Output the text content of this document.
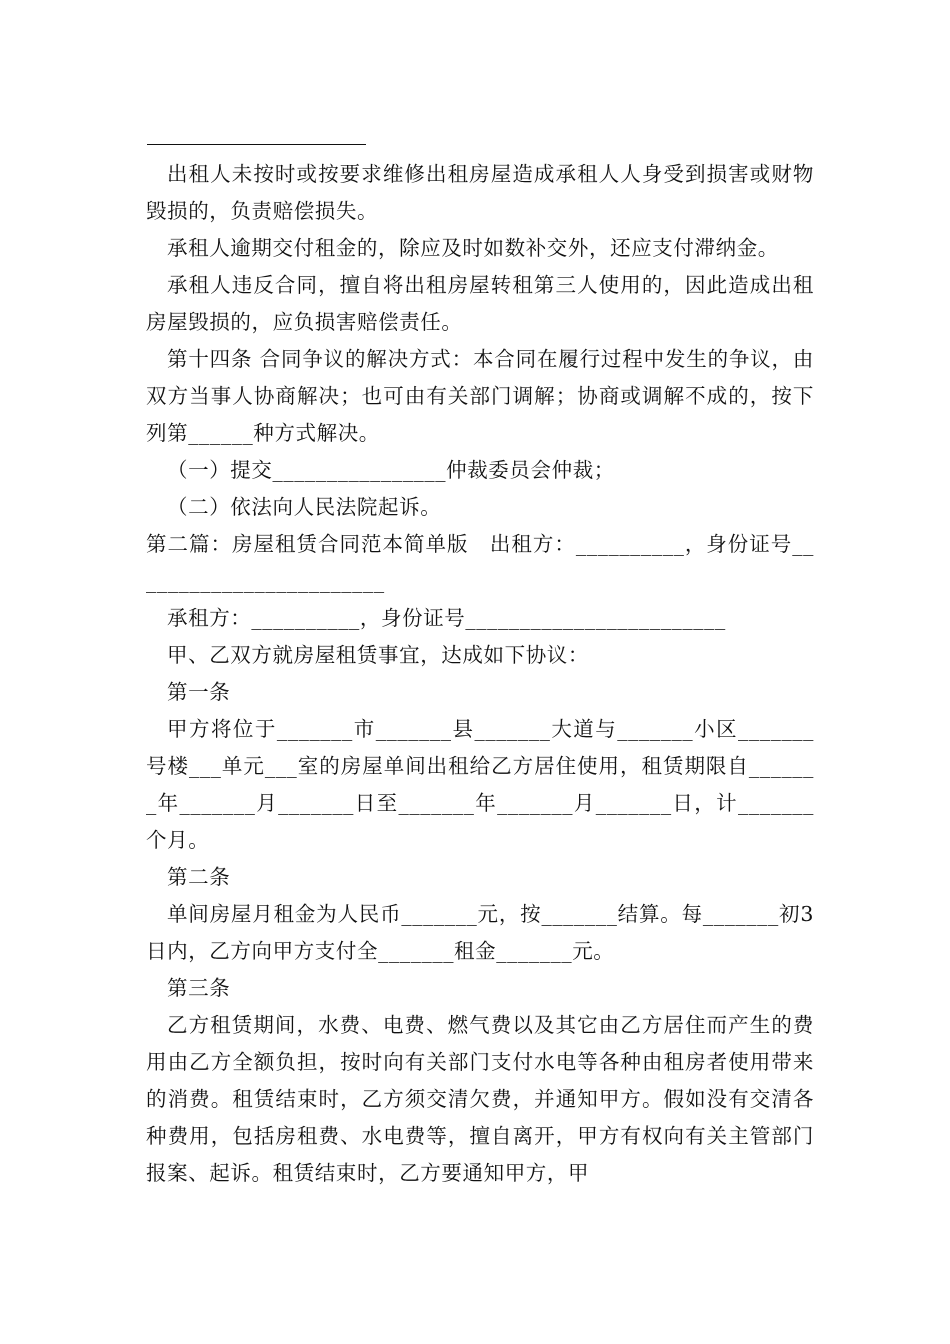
出租人未按时或按要求维修出租房屋造成承租人人身受到损害或财物毁损的，负责赔偿损失。

承租人逾期交付租金的，除应及时如数补交外，还应支付滞纳金。

承租人违反合同，擅自将出租房屋转租第三人使用的，因此造成出租房屋毁损的，应负损害赔偿责任。

第十四条 合同争议的解决方式：本合同在履行过程中发生的争议，由双方当事人协商解决；也可由有关部门调解；协商或调解不成的，按下列第______种方式解决。

（一）提交________________仲裁委员会仲裁；

（二）依法向人民法院起诉。

第二篇：房屋租赁合同范本简单版　出租方：__________，身份证号________________________

承租方：__________，身份证号________________________

甲、乙双方就房屋租赁事宜，达成如下协议：

第一条

甲方将位于_______市_______县_______大道与_______小区_______号楼___单元___室的房屋单间出租给乙方居住使用，租赁期限自_______年_______月_______日至_______年_______月_______日，计_______个月。

第二条

单间房屋月租金为人民币_______元，按_______结算。每_______初3日内，乙方向甲方支付全_______租金_______元。

第三条

乙方租赁期间，水费、电费、燃气费以及其它由乙方居住而产生的费用由乙方全额负担，按时向有关部门支付水电等各种由租房者使用带来的消费。租赁结束时，乙方须交清欠费，并通知甲方。假如没有交清各种费用，包括房租费、水电费等，擅自离开，甲方有权向有关主管部门报案、起诉。租赁结束时，乙方要通知甲方，甲
